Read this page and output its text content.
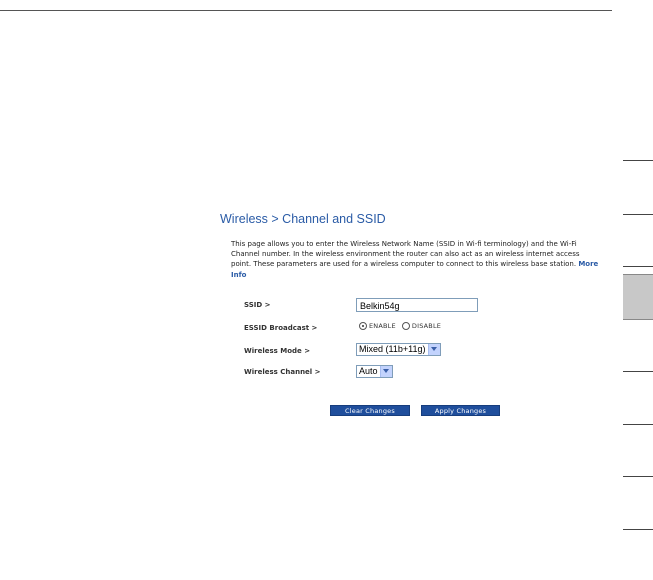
Wireless > Channel and SSID
This page allows you to enter the Wireless Network Name (SSID in Wi-fi terminology) and the Wi-Fi Channel number. In the wireless environment the router can also act as an wireless internet access point. These parameters are used for a wireless computer to connect to this wireless base station. More Info
SSID >	Belkin54g
ESSID Broadcast >	ENABLE DISABLE
Wireless Mode >	Mixed (11b+11g)
Wireless Channel >	Auto
Clear Changes	Apply Changes
